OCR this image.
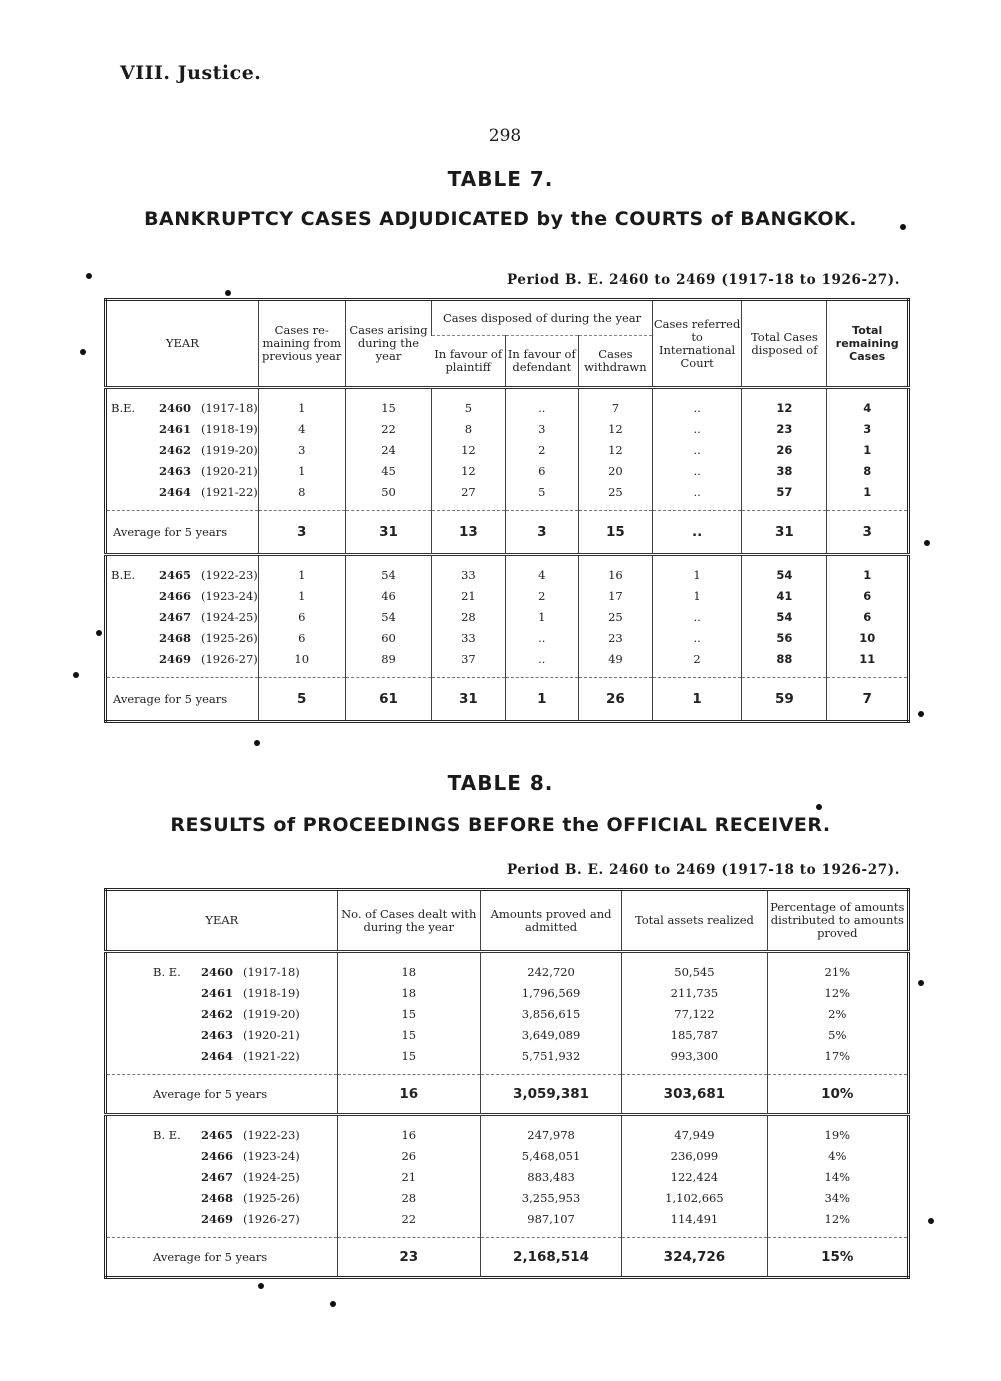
VIII. Justice.
298
TABLE 7.
BANKRUPTCY CASES ADJUDICATED by the COURTS of BANGKOK.
Period B. E. 2460 to 2469 (1917-18 to 1926-27).
YEAR	Cases re- maining from previous year	Cases arising during the year	Cases disposed of during the year			Cases referred to International Court	Total Cases disposed of	Total remaining Cases
			In favour of plaintiff	In favour of defendant	Cases withdrawn			

B.E. 2460 (1917-18)	1	15	5	..	7	..	12	4
2461 (1918-19)	4	22	8	3	12	..	23	3
2462 (1919-20)	3	24	12	2	12	..	26	1
2463 (1920-21)	1	45	12	6	20	..	38	8
2464 (1921-22)	8	50	27	5	25	..	57	1

Average for 5 years	3	31	13	3	15	..	31	3

B.E. 2465 (1922-23)	1	54	33	4	16	1	54	1
2466 (1923-24)	1	46	21	2	17	1	41	6
2467 (1924-25)	6	54	28	1	25	..	54	6
2468 (1925-26)	6	60	33	..	23	..	56	10
2469 (1926-27)	10	89	37	..	49	2	88	11

Average for 5 years	5	61	31	1	26	1	59	7
TABLE 8.
RESULTS of PROCEEDINGS BEFORE the OFFICIAL RECEIVER.
Period B. E. 2460 to 2469 (1917-18 to 1926-27).
YEAR	No. of Cases dealt with during the year	Amounts proved and admitted	Total assets realized	Percentage of amounts distributed to amounts proved

B. E. 2460 (1917-18)	18	242,720	50,545	21%
2461 (1918-19)	18	1,796,569	211,735	12%
2462 (1919-20)	15	3,856,615	77,122	2%
2463 (1920-21)	15	3,649,089	185,787	5%
2464 (1921-22)	15	5,751,932	993,300	17%

Average for 5 years	16	3,059,381	303,681	10%

B. E. 2465 (1922-23)	16	247,978	47,949	19%
2466 (1923-24)	26	5,468,051	236,099	4%
2467 (1924-25)	21	883,483	122,424	14%
2468 (1925-26)	28	3,255,953	1,102,665	34%
2469 (1926-27)	22	987,107	114,491	12%

Average for 5 years	23	2,168,514	324,726	15%
